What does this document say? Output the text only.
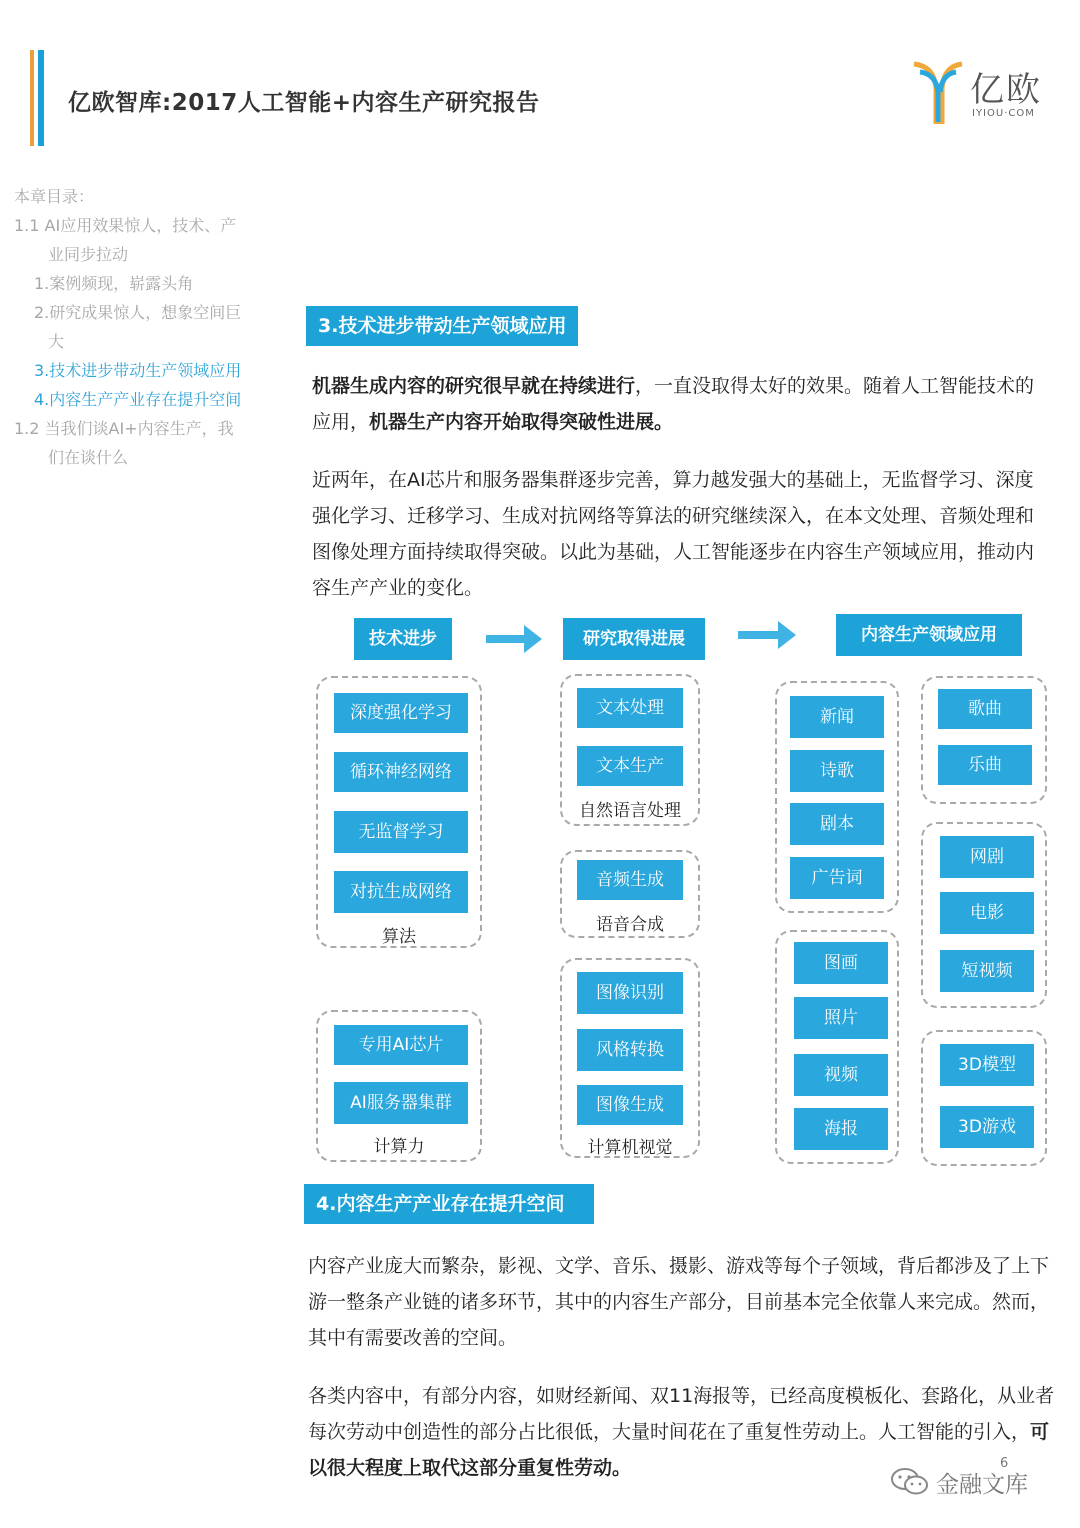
亿欧智库:2017人工智能+内容生产研究报告	亿欧
IYIOU·COM
本章目录：
1.1 AI应用效果惊人，技术、产
业同步拉动
1.案例频现，崭露头角
2.研究成果惊人，想象空间巨
大
3.技术进步带动生产领域应用
4.内容生产产业存在提升空间
1.2 当我们谈AI+内容生产，我
们在谈什么
3.技术进步带动生产领域应用
机器生成内容的研究很早就在持续进行，一直没取得太好的效果。随着人工智能技术的应用，机器生产内容开始取得突破性进展。
近两年，在AI芯片和服务器集群逐步完善，算力越发强大的基础上，无监督学习、深度强化学习、迁移学习、生成对抗网络等算法的研究继续深入，在本文处理、音频处理和图像处理方面持续取得突破。以此为基础，人工智能逐步在内容生产领域应用，推动内容生产产业的变化。
技术进步	研究取得进展	内容生产领域应用
深度强化学习
循环神经网络
无监督学习
对抗生成网络
算法
专用AI芯片
AI服务器集群
计算力
文本处理
文本生产
自然语言处理
音频生成
语音合成
图像识别
风格转换
图像生成
计算机视觉
新闻
诗歌
剧本
广告词
图画
照片
视频
海报
歌曲
乐曲
网剧
电影
短视频
3D模型
3D游戏
4.内容生产产业存在提升空间
内容产业庞大而繁杂，影视、文学、音乐、摄影、游戏等每个子领域，背后都涉及了上下游一整条产业链的诸多环节，其中的内容生产部分，目前基本完全依靠人来完成。然而，其中有需要改善的空间。
各类内容中，有部分内容，如财经新闻、双11海报等，已经高度模板化、套路化，从业者每次劳动中创造性的部分占比很低，大量时间花在了重复性劳动上。人工智能的引入，可以很大程度上取代这部分重复性劳动。	6
金融文库
